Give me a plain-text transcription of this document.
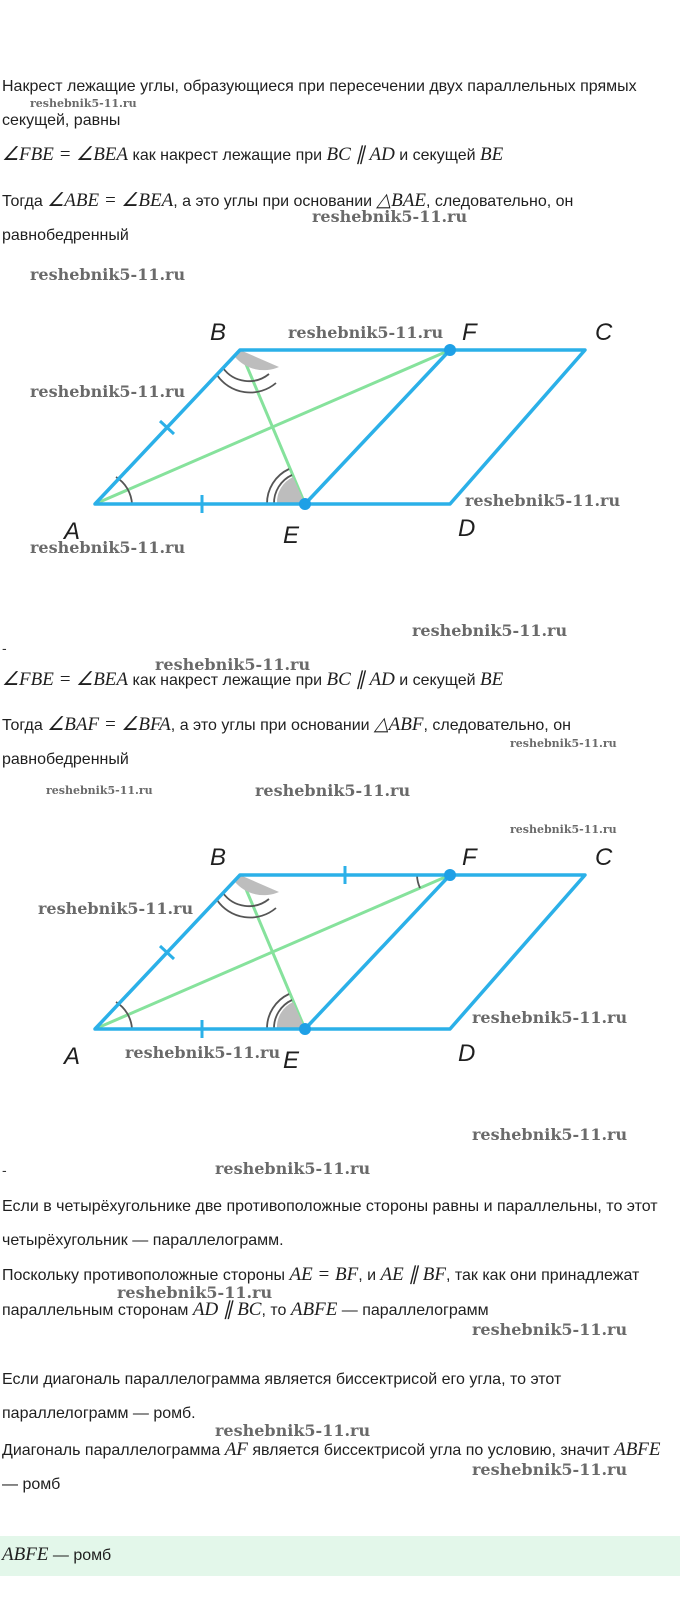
Накрест лежащие углы, образующиеся при пересечении двух параллельных прямых секущей, равны
∠FBE = ∠BEA как накрест лежащие при BC ∥ AD и секущей BE
Тогда ∠ABE = ∠BEA, а это углы при основании △BAE, следовательно, он равнобедренный
A
B	C
D
E
F
-
∠FBE = ∠BEA как накрест лежащие при BC ∥ AD и секущей BE
Тогда ∠BAF = ∠BFA, а это углы при основании △ABF, следовательно, он равнобедренный
A
B	C
D
E
F
-
Если в четырёхугольнике две противоположные стороны равны и параллельны, то этот четырёхугольник — параллелограмм.
Поскольку противоположные стороны AE = BF, и AE ∥ BF, так как они принадлежат параллельным сторонам AD ∥ BC, то ABFE — параллелограмм
Если диагональ параллелограмма является биссектрисой его угла, то этот параллелограмм — ромб.
Диагональ параллелограмма AF является биссектрисой угла по условию, значит ABFE — ромб
ABFE — ромб
reshebnik5-11.ru
reshebnik5-11.ru
reshebnik5-11.ru
reshebnik5-11.ru
reshebnik5-11.ru
reshebnik5-11.ru
reshebnik5-11.ru
reshebnik5-11.ru
reshebnik5-11.ru
reshebnik5-11.ru
reshebnik5-11.ru	reshebnik5-11.ru
reshebnik5-11.ru
reshebnik5-11.ru
reshebnik5-11.ru
reshebnik5-11.ru
reshebnik5-11.ru
reshebnik5-11.ru
reshebnik5-11.ru
reshebnik5-11.ru
reshebnik5-11.ru
reshebnik5-11.ru
